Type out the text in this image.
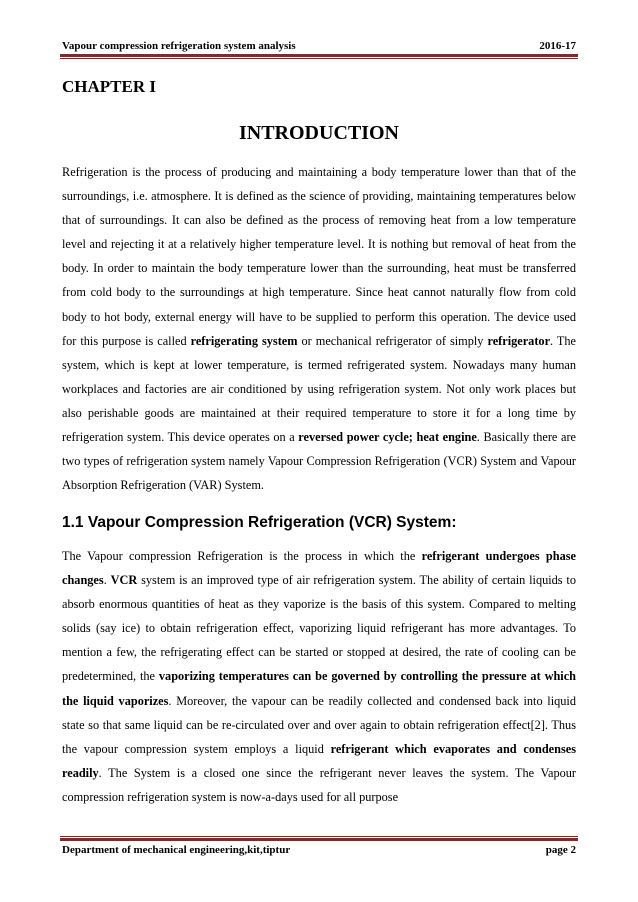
Vapour compression refrigeration system analysis	2016-17
CHAPTER I
INTRODUCTION

Refrigeration is the process of producing and maintaining a body temperature lower than that of the surroundings, i.e. atmosphere. It is defined as the science of providing, maintaining temperatures below that of surroundings. It can also be defined as the process of removing heat from a low temperature level and rejecting it at a relatively higher temperature level. It is nothing but removal of heat from the body. In order to maintain the body temperature lower than the surrounding, heat must be transferred from cold body to the surroundings at high temperature. Since heat cannot naturally flow from cold body to hot body, external energy will have to be supplied to perform this operation. The device used for this purpose is called refrigerating system or mechanical refrigerator of simply refrigerator. The system, which is kept at lower temperature, is termed refrigerated system. Nowadays many human workplaces and factories are air conditioned by using refrigeration system. Not only work places but also perishable goods are maintained at their required temperature to store it for a long time by refrigeration system. This device operates on a reversed power cycle; heat engine. Basically there are two types of refrigeration system namely Vapour Compression Refrigeration (VCR) System and Vapour Absorption Refrigeration (VAR) System.

1.1 Vapour Compression Refrigeration (VCR) System:

The Vapour compression Refrigeration is the process in which the refrigerant undergoes phase changes. VCR system is an improved type of air refrigeration system. The ability of certain liquids to absorb enormous quantities of heat as they vaporize is the basis of this system. Compared to melting solids (say ice) to obtain refrigeration effect, vaporizing liquid refrigerant has more advantages. To mention a few, the refrigerating effect can be started or stopped at desired, the rate of cooling can be predetermined, the vaporizing temperatures can be governed by controlling the pressure at which the liquid vaporizes. Moreover, the vapour can be readily collected and condensed back into liquid state so that same liquid can be re-circulated over and over again to obtain refrigeration effect[2]. Thus the vapour compression system employs a liquid refrigerant which evaporates and condenses readily. The System is a closed one since the refrigerant never leaves the system. The Vapour compression refrigeration system is now-a-days used for all purpose

Department of mechanical engineering,kit,tiptur	page 2
